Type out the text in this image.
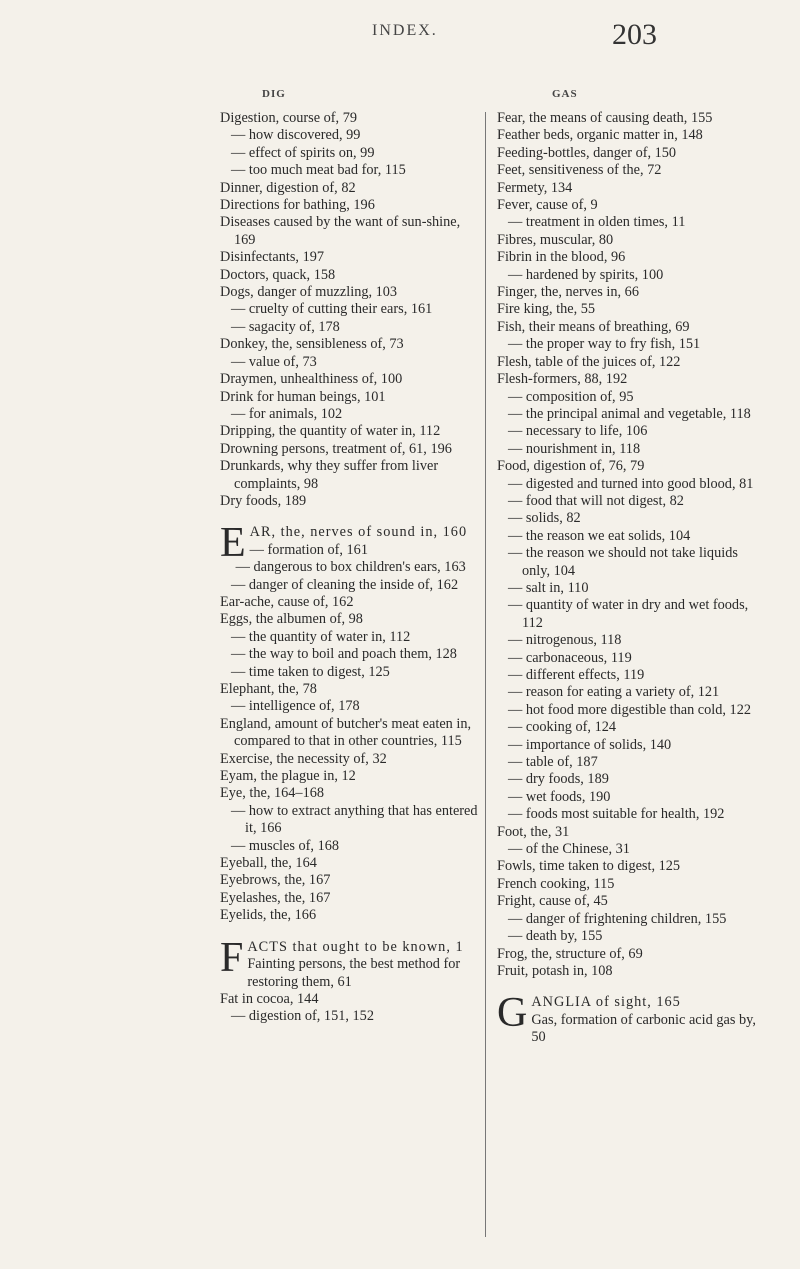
INDEX.	203
DIG	GAS

Digestion, course of, 79

— how discovered, 99

— effect of spirits on, 99

— too much meat bad for, 115

Dinner, digestion of, 82

Directions for bathing, 196

Diseases caused by the want of sun-shine, 169

Disinfectants, 197

Doctors, quack, 158

Dogs, danger of muzzling, 103

— cruelty of cutting their ears, 161

— sagacity of, 178

Donkey, the, sensibleness of, 73

— value of, 73

Draymen, unhealthiness of, 100

Drink for human beings, 101

— for animals, 102

Dripping, the quantity of water in, 112

Drowning persons, treatment of, 61, 196

Drunkards, why they suffer from liver complaints, 98

Dry foods, 189

E AR, the, nerves of sound in, 160
— formation of, 161

— dangerous to box children's ears, 163

— danger of cleaning the inside of, 162

Ear-ache, cause of, 162

Eggs, the albumen of, 98

— the quantity of water in, 112

— the way to boil and poach them, 128

— time taken to digest, 125

Elephant, the, 78

— intelligence of, 178

England, amount of butcher's meat eaten in, compared to that in other countries, 115

Exercise, the necessity of, 32

Eyam, the plague in, 12

Eye, the, 164–168

— how to extract anything that has entered it, 166

— muscles of, 168

Eyeball, the, 164

Eyebrows, the, 167

Eyelashes, the, 167

Eyelids, the, 166

F ACTS that ought to be known, 1
Fainting persons, the best method for restoring them, 61

Fat in cocoa, 144

— digestion of, 151, 152

Fear, the means of causing death, 155

Feather beds, organic matter in, 148

Feeding-bottles, danger of, 150

Feet, sensitiveness of the, 72

Fermety, 134

Fever, cause of, 9

— treatment in olden times, 11

Fibres, muscular, 80

Fibrin in the blood, 96

— hardened by spirits, 100

Finger, the, nerves in, 66

Fire king, the, 55

Fish, their means of breathing, 69

— the proper way to fry fish, 151

Flesh, table of the juices of, 122

Flesh-formers, 88, 192

— composition of, 95

— the principal animal and vegetable, 118

— necessary to life, 106

— nourishment in, 118

Food, digestion of, 76, 79

— digested and turned into good blood, 81

— food that will not digest, 82

— solids, 82

— the reason we eat solids, 104

— the reason we should not take liquids only, 104

— salt in, 110

— quantity of water in dry and wet foods, 112

— nitrogenous, 118

— carbonaceous, 119

— different effects, 119

— reason for eating a variety of, 121

— hot food more digestible than cold, 122

— cooking of, 124

— importance of solids, 140

— table of, 187

— dry foods, 189

— wet foods, 190

— foods most suitable for health, 192

Foot, the, 31

— of the Chinese, 31

Fowls, time taken to digest, 125

French cooking, 115

Fright, cause of, 45

— danger of frightening children, 155

— death by, 155

Frog, the, structure of, 69

Fruit, potash in, 108

G ANGLIA of sight, 165
Gas, formation of carbonic acid gas by, 50
